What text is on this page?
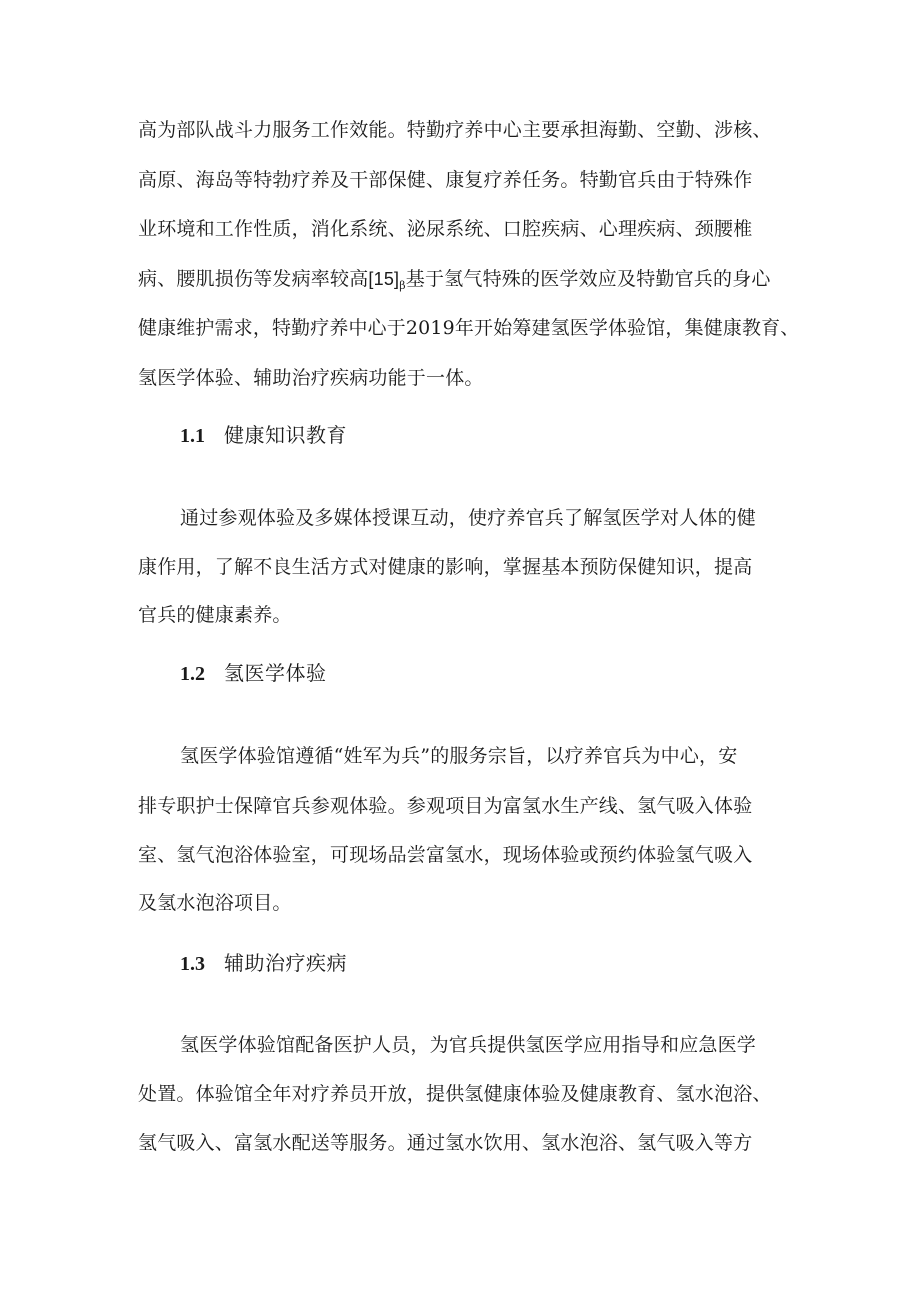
高为部队战斗力服务工作效能。特勤疗养中心主要承担海勤、空勤、涉核、
高原、海岛等特勃疗养及干部保健、康复疗养任务。特勤官兵由于特殊作
业环境和工作性质，消化系统、泌尿系统、口腔疾病、心理疾病、颈腰椎
病、腰肌损伤等发病率较高$[15]_\beta$基于氢气特殊的医学效应及特勤官兵的身心
健康维护需求，特勤疗养中心于2019年开始筹建氢医学体验馆，集健康教育、
氢医学体验、辅助治疗疾病功能于一体。
1.1 健康知识教育
通过参观体验及多媒体授课互动，使疗养官兵了解氢医学对人体的健
康作用，了解不良生活方式对健康的影响，掌握基本预防保健知识，提高
官兵的健康素养。
1.2 氢医学体验
氢医学体验馆遵循“姓军为兵”的服务宗旨，以疗养官兵为中心，安
排专职护士保障官兵参观体验。参观项目为富氢水生产线、氢气吸入体验
室、氢气泡浴体验室，可现场品尝富氢水，现场体验或预约体验氢气吸入
及氢水泡浴项目。
1.3 辅助治疗疾病
氢医学体验馆配备医护人员，为官兵提供氢医学应用指导和应急医学
处置。体验馆全年对疗养员开放，提供氢健康体验及健康教育、氢水泡浴、
氢气吸入、富氢水配送等服务。通过氢水饮用、氢水泡浴、氢气吸入等方
